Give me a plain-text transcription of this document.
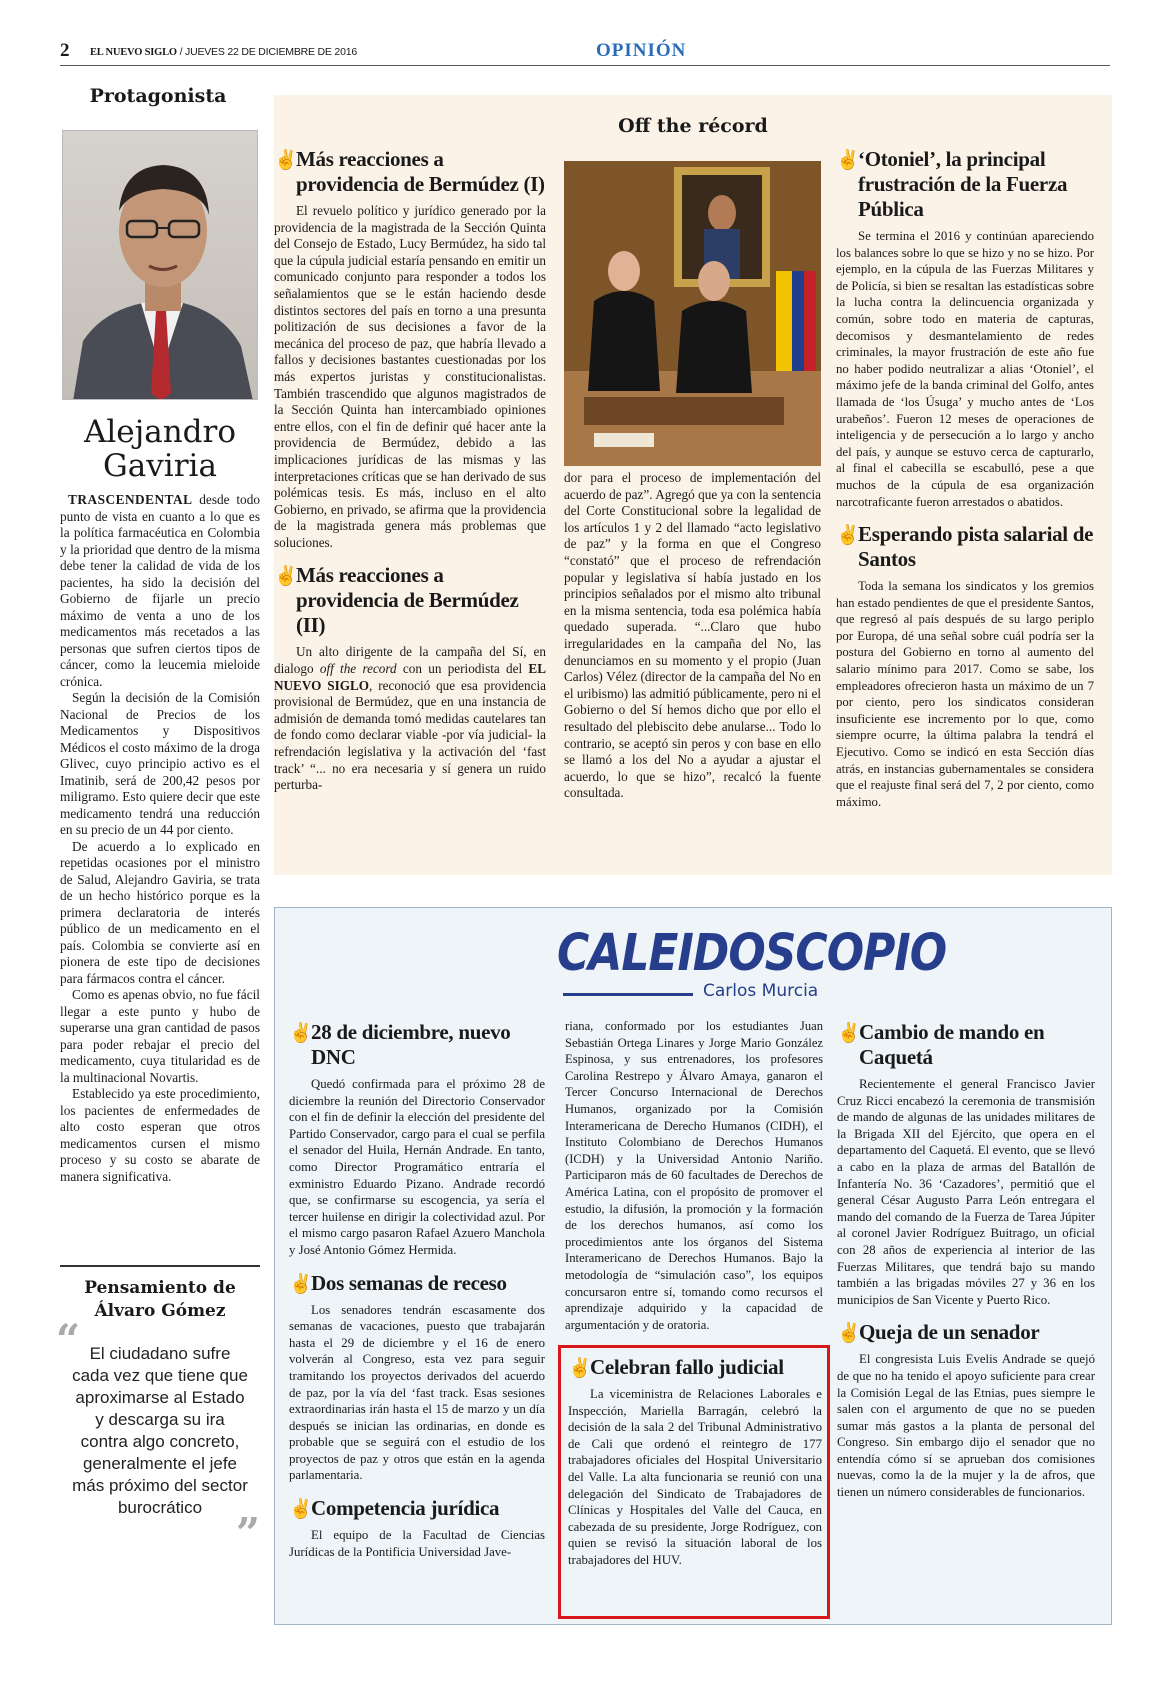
2 EL NUEVO SIGLO / JUEVES 22 DE DICIEMBRE DE 2016	OPINIÓN
Protagonista
Alejandro Gaviria

TRASCENDENTAL desde todo punto de vista en cuanto a lo que es la política farmacéutica en Colombia y la prioridad que dentro de la misma debe tener la calidad de vida de los pacientes, ha sido la decisión del Gobierno de fijarle un precio máximo de venta a uno de los medicamentos más recetados a las personas que sufren ciertos tipos de cáncer, como la leucemia mieloide crónica.

Según la decisión de la Comisión Nacional de Precios de los Medicamentos y Dispositivos Médicos el costo máximo de la droga Glivec, cuyo principio activo es el Imatinib, será de 200,42 pesos por miligramo. Esto quiere decir que este medicamento tendrá una reducción en su precio de un 44 por ciento.

De acuerdo a lo explicado en repetidas ocasiones por el ministro de Salud, Alejandro Gaviria, se trata de un hecho histórico porque es la primera declaratoria de interés público de un medicamento en el país. Colombia se convierte así en pionera de este tipo de decisiones para fármacos contra el cáncer.

Como es apenas obvio, no fue fácil llegar a este punto y hubo de superarse una gran cantidad de pasos para poder rebajar el precio del medicamento, cuya titularidad es de la multinacional Novartis.

Establecido ya este procedimiento, los pacientes de enfermedades de alto costo esperan que otros medicamentos cursen el mismo proceso y su costo se abarate de manera significativa.

Pensamiento de Álvaro Gómez
“ El ciudadano sufre cada vez que tiene que aproximarse al Estado y descarga su ira contra algo concreto, generalmente el jefe más próximo del sector burocrático
”
Off the récord
✌
Más reacciones a providencia de Bermúdez (I)

El revuelo político y jurídico generado por la providencia de la magistrada de la Sección Quinta del Consejo de Estado, Lucy Bermúdez, ha sido tal que la cúpula judicial estaría pensando en emitir un comunicado conjunto para responder a todos los señalamientos que se le están haciendo desde distintos sectores del país en torno a una presunta politización de sus decisiones a favor de la mecánica del proceso de paz, que habría llevado a fallos y decisiones bastantes cuestionadas por los más expertos juristas y constitucionalistas. También trascendido que algunos magistrados de la Sección Quinta han intercambiado opiniones entre ellos, con el fin de definir qué hacer ante la providencia de Bermúdez, debido a las implicaciones jurídicas de las mismas y las interpretaciones críticas que se han derivado de sus polémicas tesis. Es más, incluso en el alto Gobierno, en privado, se afirma que la providencia de la magistrada genera más problemas que soluciones.

✌
Más reacciones a providencia de Bermúdez (II)

Un alto dirigente de la campaña del Sí, en dialogo off the record con un periodista del EL NUEVO SIGLO, reconoció que esa providencia provisional de Bermúdez, que en una instancia de admisión de demanda tomó medidas cautelares tan de fondo como declarar viable -por vía judicial- la refrendación legislativa y la activación del ‘fast track’ “... no era necesaria y sí genera un ruido perturba-

dor para el proceso de implementación del acuerdo de paz”. Agregó que ya con la sentencia del Corte Constitucional sobre la legalidad de los artículos 1 y 2 del llamado “acto legislativo de paz” y la forma en que el Congreso “constató” que el proceso de refrendación popular y legislativa sí había justado en los principios señalados por el mismo alto tribunal en la misma sentencia, toda esa polémica había quedado superada. “...Claro que hubo irregularidades en la campaña del No, las denunciamos en su momento y el propio (Juan Carlos) Vélez (director de la campaña del No en el uribismo) las admitió públicamente, pero ni el Gobierno o del Sí hemos dicho que por ello el resultado del plebiscito debe anularse... Todo lo contrario, se aceptó sin peros y con base en ello se llamó a los del No a ayudar a ajustar el acuerdo, lo que se hizo”, recalcó la fuente consultada.

✌
‘Otoniel’, la principal frustración de la Fuerza Pública

Se termina el 2016 y continúan apareciendo los balances sobre lo que se hizo y no se hizo. Por ejemplo, en la cúpula de las Fuerzas Militares y de Policía, si bien se resaltan las estadísticas sobre la lucha contra la delincuencia organizada y común, sobre todo en materia de capturas, decomisos y desmantelamiento de redes criminales, la mayor frustración de este año fue no haber podido neutralizar a alias ‘Otoniel’, el máximo jefe de la banda criminal del Golfo, antes llamada de ‘los Úsuga’ y mucho antes de ‘Los urabeños’. Fueron 12 meses de operaciones de inteligencia y de persecución a lo largo y ancho del país, y aunque se estuvo cerca de capturarlo, al final el cabecilla se escabulló, pese a que muchos de la cúpula de esa organización narcotraficante fueron arrestados o abatidos.

✌
Esperando pista salarial de Santos

Toda la semana los sindicatos y los gremios han estado pendientes de que el presidente Santos, que regresó al país después de su largo periplo por Europa, dé una señal sobre cuál podría ser la postura del Gobierno en torno al aumento del salario mínimo para 2017. Como se sabe, los empleadores ofrecieron hasta un máximo de un 7 por ciento, pero los sindicatos consideran insuficiente ese incremento por lo que, como siempre ocurre, la última palabra la tendrá el Ejecutivo. Como se indicó en esta Sección días atrás, en instancias gubernamentales se considera que el reajuste final será del 7, 2 por ciento, como máximo.

CALEIDOSCOPIO
Carlos Murcia
✌
28 de diciembre, nuevo DNC

Quedó confirmada para el próximo 28 de diciembre la reunión del Directorio Conservador con el fin de definir la elección del presidente del Partido Conservador, cargo para el cual se perfila el senador del Huila, Hernán Andrade. En tanto, como Director Programático entraría el exministro Eduardo Pizano. Andrade recordó que, se confirmarse su escogencia, ya sería el tercer huilense en dirigir la colectividad azul. Por el mismo cargo pasaron Rafael Azuero Manchola y José Antonio Gómez Hermida.

✌
Dos semanas de receso

Los senadores tendrán escasamente dos semanas de vacaciones, puesto que trabajarán hasta el 29 de diciembre y el 16 de enero volverán al Congreso, esta vez para seguir tramitando los proyectos derivados del acuerdo de paz, por la vía del ‘fast track. Esas sesiones extraordinarias irán hasta el 15 de marzo y un día después se inician las ordinarias, en donde es probable que se seguirá con el estudio de los proyectos de paz y otros que están en la agenda parlamentaria.

✌
Competencia jurídica

El equipo de la Facultad de Ciencias Jurídicas de la Pontificia Universidad Jave-

riana, conformado por los estudiantes Juan Sebastián Ortega Linares y Jorge Mario González Espinosa, y sus entrenadores, los profesores Carolina Restrepo y Álvaro Amaya, ganaron el Tercer Concurso Internacional de Derechos Humanos, organizado por la Comisión Interamericana de Derecho Humanos (CIDH), el Instituto Colombiano de Derechos Humanos (ICDH) y la Universidad Antonio Nariño. Participaron más de 60 facultades de Derechos de América Latina, con el propósito de promover el estudio, la difusión, la promoción y la formación de los derechos humanos, así como los procedimientos ante los órganos del Sistema Interamericano de Derechos Humanos. Bajo la metodología de “simulación caso”, los equipos concursaron entre sí, tomando como recursos el aprendizaje adquirido y la capacidad de argumentación y de oratoria.

✌
Celebran fallo judicial

La viceministra de Relaciones Laborales e Inspección, Mariella Barragán, celebró la decisión de la sala 2 del Tribunal Administrativo de Cali que ordenó el reintegro de 177 trabajadores oficiales del Hospital Universitario del Valle. La alta funcionaria se reunió con una delegación del Sindicato de Trabajadores de Clínicas y Hospitales del Valle del Cauca, en cabezada de su presidente, Jorge Rodríguez, con quien se revisó la situación laboral de los trabajadores del HUV.

✌
Cambio de mando en Caquetá

Recientemente el general Francisco Javier Cruz Ricci encabezó la ceremonia de transmisión de mando de algunas de las unidades militares de la Brigada XII del Ejército, que opera en el departamento del Caquetá. El evento, que se llevó a cabo en la plaza de armas del Batallón de Infantería No. 36 ‘Cazadores’, permitió que el general César Augusto Parra León entregara el mando del comando de la Fuerza de Tarea Júpiter al coronel Javier Rodríguez Buitrago, un oficial con 28 años de experiencia al interior de las Fuerzas Militares, que tendrá bajo su mando también a las brigadas móviles 27 y 36 en los municipios de San Vicente y Puerto Rico.

✌
Queja de un senador

El congresista Luis Evelis Andrade se quejó de que no ha tenido el apoyo suficiente para crear la Comisión Legal de las Etnias, pues siempre le salen con el argumento de que no se pueden sumar más gastos a la planta de personal del Congreso. Sin embargo dijo el senador que no entendía cómo sí se aprueban dos comisiones nuevas, como la de la mujer y la de afros, que tienen un número considerables de funcionarios.
